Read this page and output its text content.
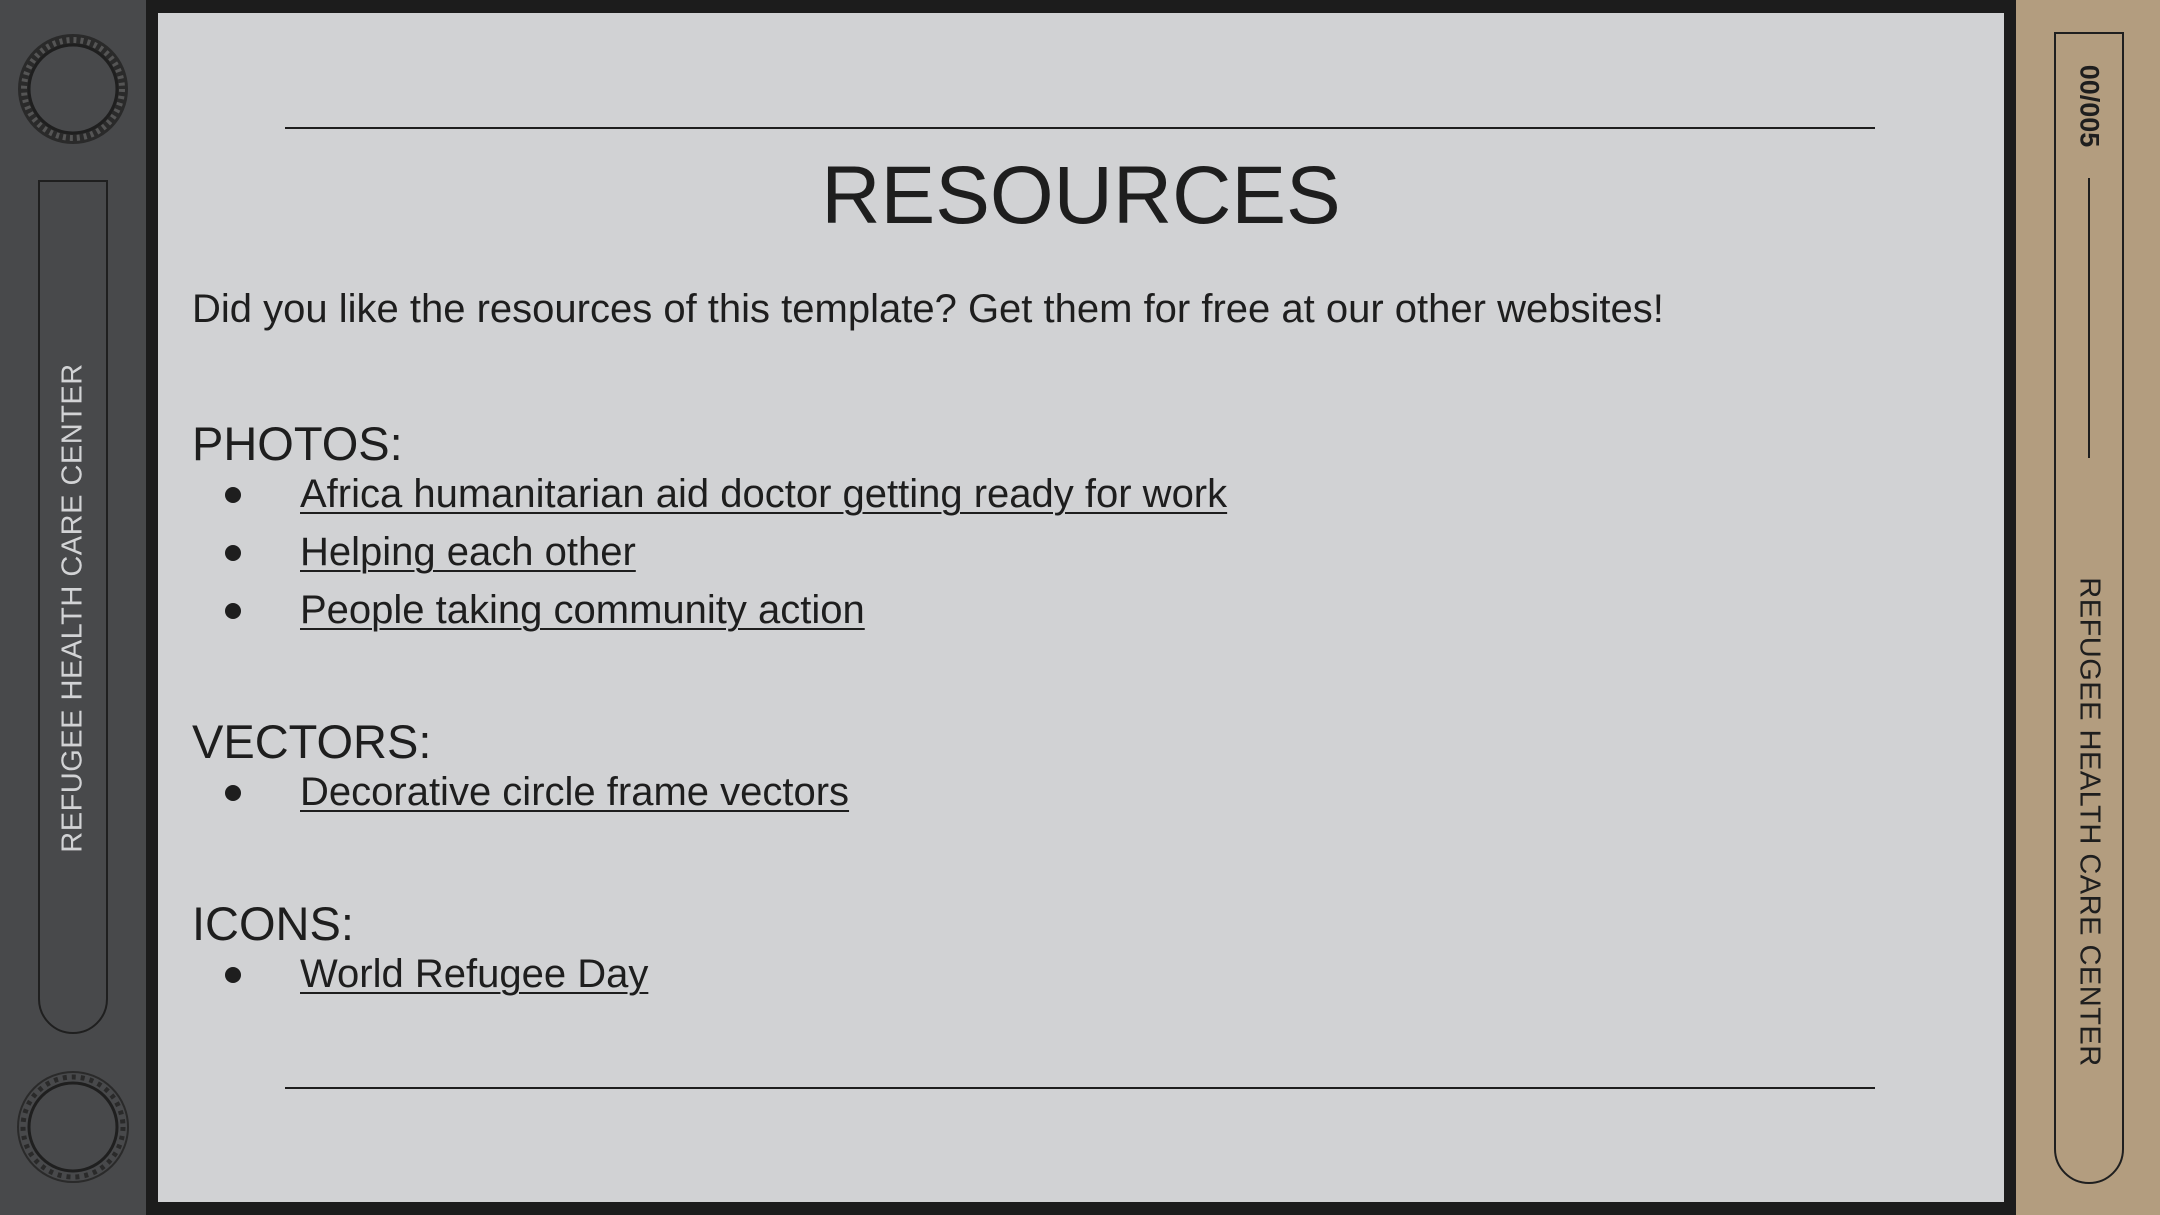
REFUGEE HEALTH CARE CENTER
RESOURCES
Did you like the resources of this template? Get them for free at our other websites!
PHOTOS:
Africa humanitarian aid doctor getting ready for work
Helping each other
People taking community action
VECTORS:
Decorative circle frame vectors
ICONS:
World Refugee Day
00/005
REFUGEE HEALTH CARE CENTER
